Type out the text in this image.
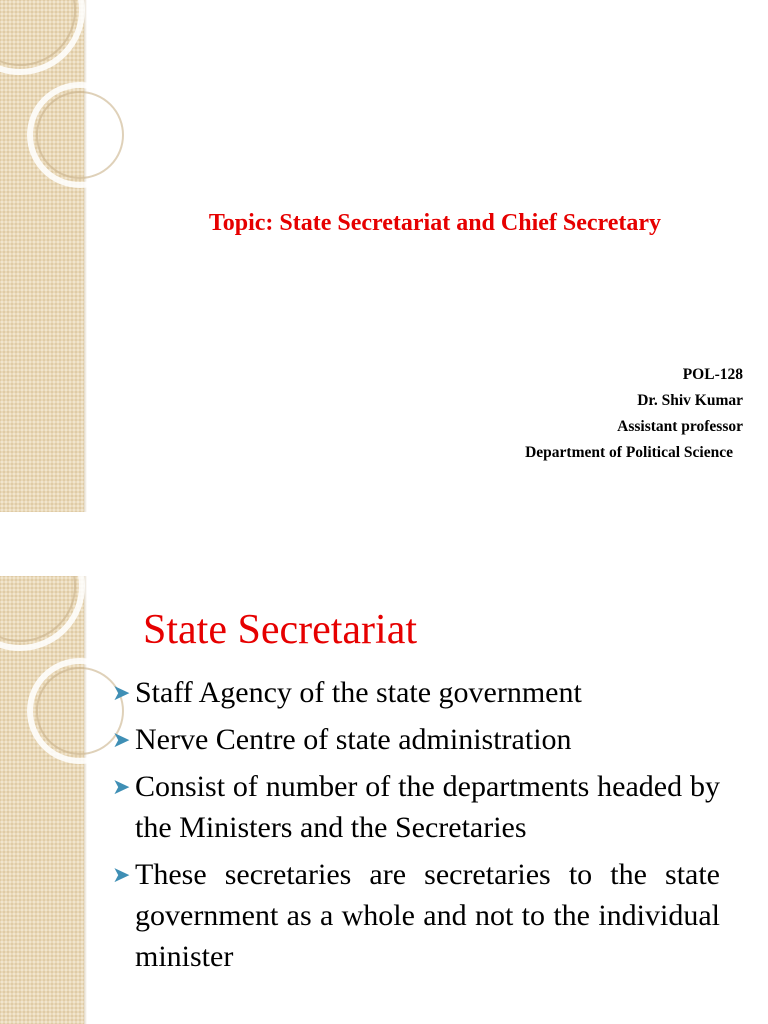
Topic: State Secretariat and Chief Secretary
POL-128
Dr. Shiv Kumar
Assistant professor
Department of Political Science
State Secretariat
➤ Staff Agency of the state government
➤ Nerve Centre of state administration
➤ Consist of number of the departments headed by the Ministers and the Secretaries
➤ These secretaries are secretaries to the state government as a whole and not to the individual minister
